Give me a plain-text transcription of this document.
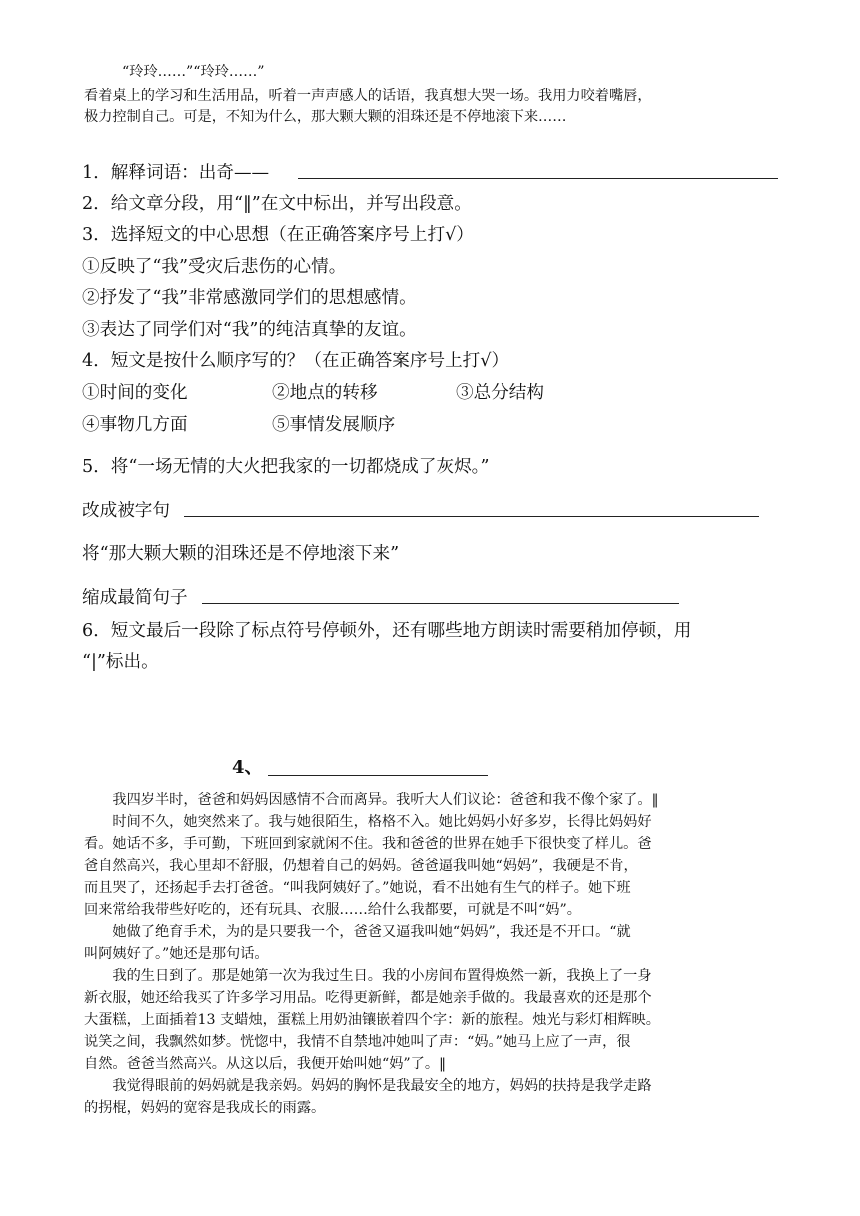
“玲玲……”“玲玲……”
看着桌上的学习和生活用品，听着一声声感人的话语，我真想大哭一场。我用力咬着嘴唇，
极力控制自己。可是，不知为什么，那大颗大颗的泪珠还是不停地滚下来……
1．解释词语：出奇——
2．给文章分段，用“‖”在文中标出，并写出段意。
3．选择短文的中心思想（在正确答案序号上打√）
①反映了“我”受灾后悲伤的心情。
②抒发了“我”非常感激同学们的思想感情。
③表达了同学们对“我”的纯洁真挚的友谊。
4．短文是按什么顺序写的？（在正确答案序号上打√）
①时间的变化	②地点的转移	③总分结构
④事物几方面	⑤事情发展顺序
5．将“一场无情的大火把我家的一切都烧成了灰烬。”
改成被字句
将“那大颗大颗的泪珠还是不停地滚下来”
缩成最简句子
6．短文最后一段除了标点符号停顿外，还有哪些地方朗读时需要稍加停顿，用
“|”标出。
4、
　　我四岁半时，爸爸和妈妈因感情不合而离异。我听大人们议论：爸爸和我不像个家了。‖
　　时间不久，她突然来了。我与她很陌生，格格不入。她比妈妈小好多岁，长得比妈妈好
看。她话不多，手可勤，下班回到家就闲不住。我和爸爸的世界在她手下很快变了样儿。爸
爸自然高兴，我心里却不舒服，仍想着自己的妈妈。爸爸逼我叫她“妈妈”，我硬是不肯，
而且哭了，还扬起手去打爸爸。“叫我阿姨好了。”她说，看不出她有生气的样子。她下班
回来常给我带些好吃的，还有玩具、衣服……给什么我都要，可就是不叫“妈”。
　　她做了绝育手术，为的是只要我一个，爸爸又逼我叫她“妈妈”，我还是不开口。“就
叫阿姨好了。”她还是那句话。
　　我的生日到了。那是她第一次为我过生日。我的小房间布置得焕然一新，我换上了一身
新衣服，她还给我买了许多学习用品。吃得更新鲜，都是她亲手做的。我最喜欢的还是那个
大蛋糕，上面插着13 支蜡烛，蛋糕上用奶油镶嵌着四个字：新的旅程。烛光与彩灯相辉映。
说笑之间，我飘然如梦。恍惚中，我情不自禁地冲她叫了声：“妈。”她马上应了一声，很
自然。爸爸当然高兴。从这以后，我便开始叫她“妈”了。‖
　　我觉得眼前的妈妈就是我亲妈。妈妈的胸怀是我最安全的地方，妈妈的扶持是我学走路
的拐棍，妈妈的宽容是我成长的雨露。
